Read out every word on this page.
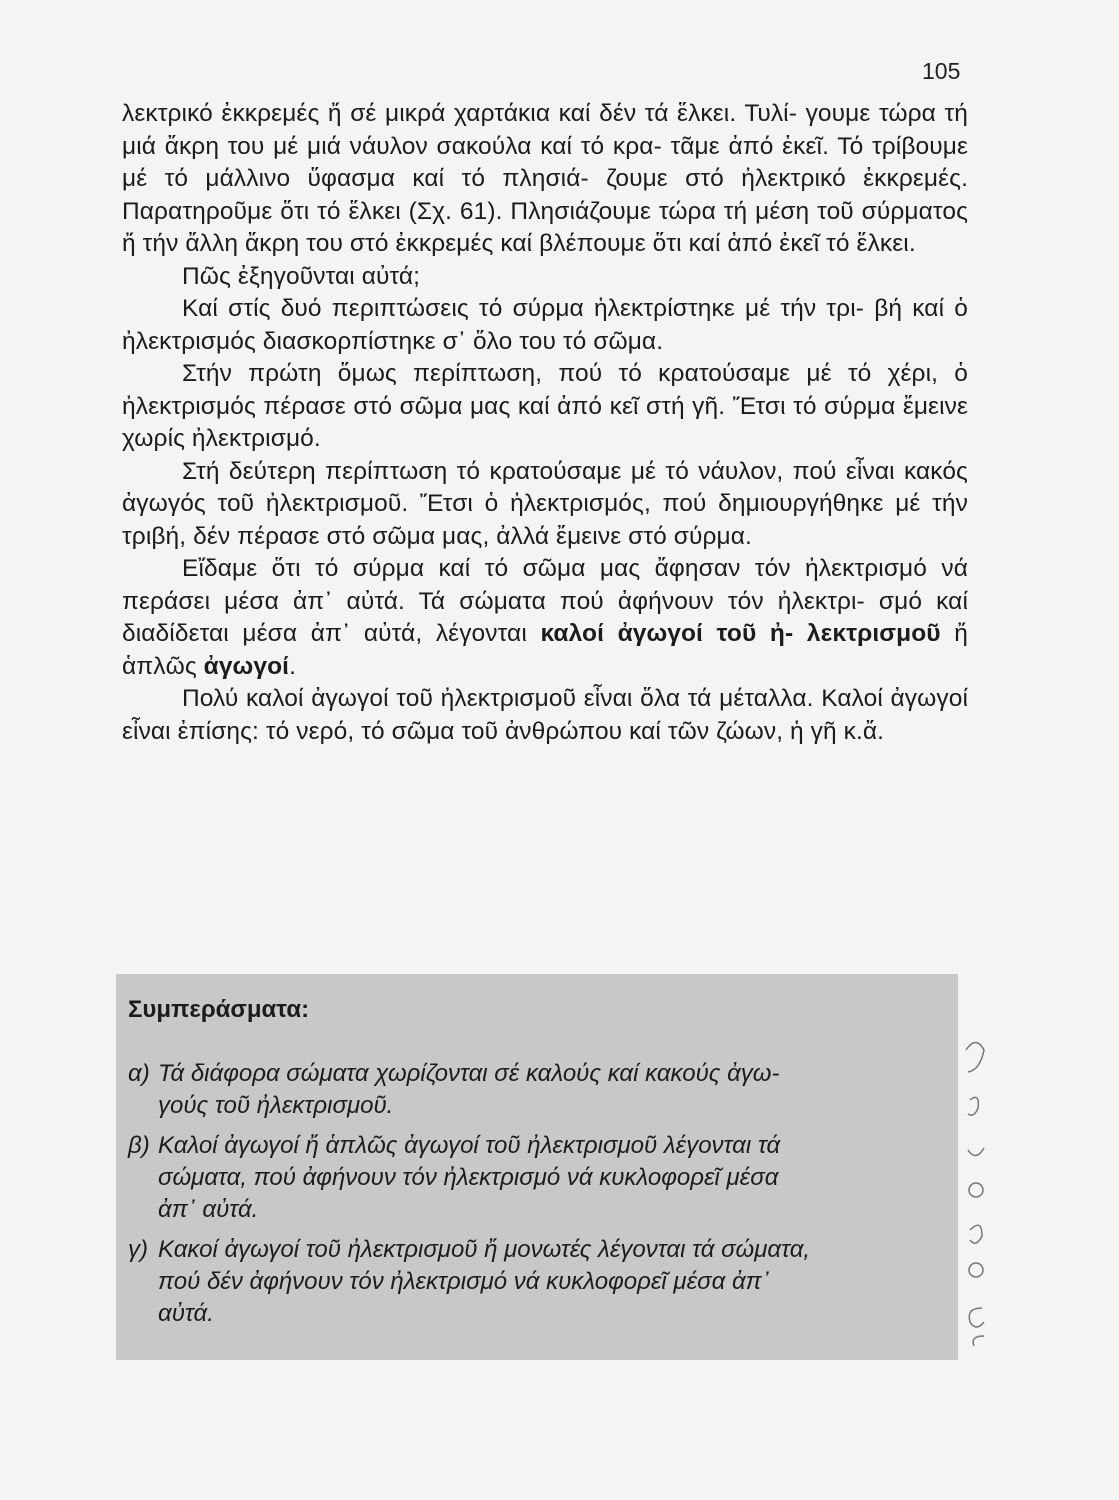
105

λεκτρικό ἐκκρεμές ἤ σέ μικρά χαρτάκια καί δέν τά ἕλκει. Τυλί- γουμε τώρα τή μιά ἄκρη του μέ μιά νάυλον σακούλα καί τό κρα- τᾶμε ἀπό ἐκεῖ. Τό τρίβουμε μέ τό μάλλινο ὕφασμα καί τό πλησιά- ζουμε στό ἠλεκτρικό ἐκκρεμές. Παρατηροῦμε ὅτι τό ἕλκει (Σχ. 61). Πλησιάζουμε τώρα τή μέση τοῦ σύρματος ἤ τήν ἄλλη ἄκρη του στό ἐκκρεμές καί βλέπουμε ὅτι καί ἀπό ἐκεῖ τό ἕλκει.

Πῶς ἐξηγοῦνται αὐτά;

Καί στίς δυό περιπτώσεις τό σύρμα ἠλεκτρίστηκε μέ τήν τρι- βή καί ὁ ἠλεκτρισμός διασκορπίστηκε σ᾿ ὅλο του τό σῶμα.

Στήν πρώτη ὅμως περίπτωση, πού τό κρατούσαμε μέ τό χέρι, ὁ ἠλεκτρισμός πέρασε στό σῶμα μας καί ἀπό κεῖ στή γῆ. Ἔτσι τό σύρμα ἔμεινε χωρίς ἠλεκτρισμό.

Στή δεύτερη περίπτωση τό κρατούσαμε μέ τό νάυλον, πού εἶναι κακός ἀγωγός τοῦ ἠλεκτρισμοῦ. Ἔτσι ὁ ἠλεκτρισμός, πού δημιουργήθηκε μέ τήν τριβή, δέν πέρασε στό σῶμα μας, ἀλλά ἔμεινε στό σύρμα.

Εἴδαμε ὅτι τό σύρμα καί τό σῶμα μας ἄφησαν τόν ἠλεκτρισμό νά περάσει μέσα ἀπ᾿ αὐτά. Τά σώματα πού ἀφήνουν τόν ἠλεκτρι- σμό καί διαδίδεται μέσα ἀπ᾿ αὐτά, λέγονται καλοί ἀγωγοί τοῦ ἠ- λεκτρισμοῦ ἤ ἁπλῶς ἀγωγοί.

Πολύ καλοί ἀγωγοί τοῦ ἠλεκτρισμοῦ εἶναι ὅλα τά μέταλλα. Καλοί ἀγωγοί εἶναι ἐπίσης: τό νερό, τό σῶμα τοῦ ἀνθρώπου καί τῶν ζώων, ἡ γῆ κ.ἄ.

Συμπεράσματα:
α) Τά διάφορα σώματα χωρίζονται σέ καλούς καί κακούς ἀγω-
γούς τοῦ ἠλεκτρισμοῦ.
β) Καλοί ἀγωγοί ἤ ἁπλῶς ἀγωγοί τοῦ ἠλεκτρισμοῦ λέγονται τά
σώματα, πού ἀφήνουν τόν ἠλεκτρισμό νά κυκλοφορεῖ μέσα
ἀπ᾿ αὐτά.
γ) Κακοί ἀγωγοί τοῦ ἠλεκτρισμοῦ ἤ μονωτές λέγονται τά σώματα,
πού δέν ἀφήνουν τόν ἠλεκτρισμό νά κυκλοφορεῖ μέσα ἀπ᾿
αὐτά.
